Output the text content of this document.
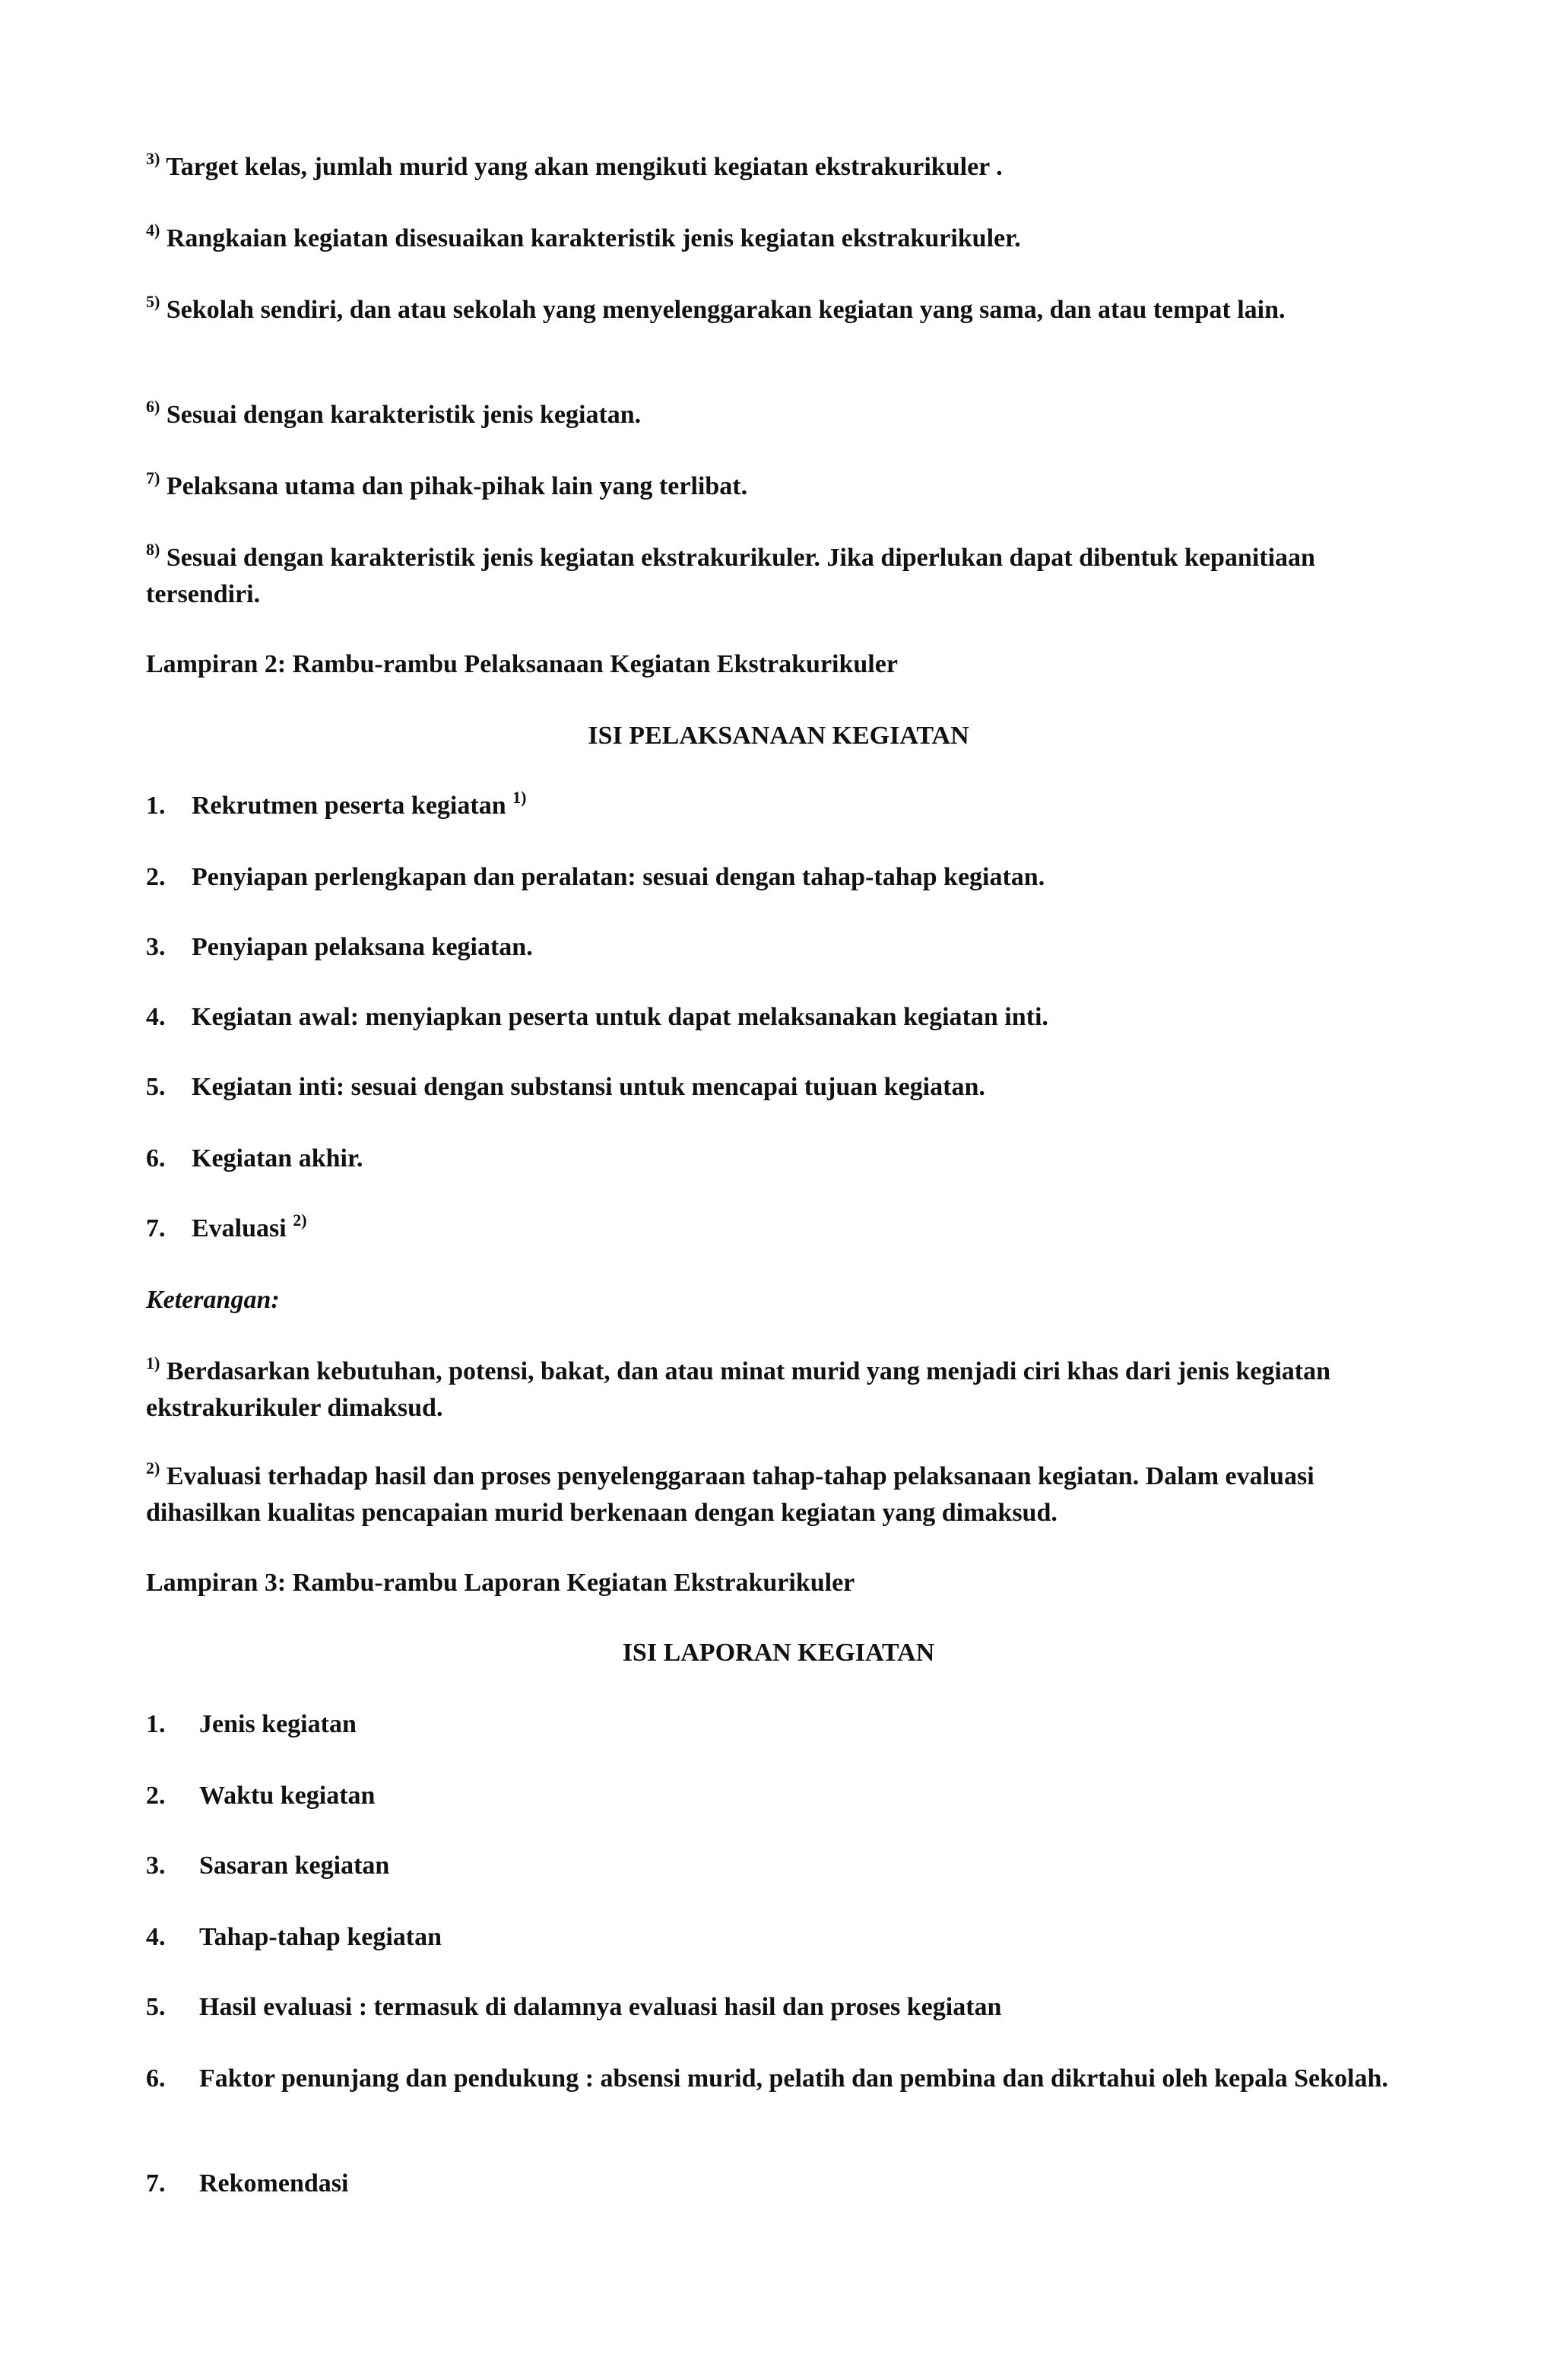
$^{3)}$ Target kelas, jumlah murid yang akan mengikuti kegiatan ekstrakurikuler .
$^{4)}$ Rangkaian kegiatan disesuaikan karakteristik jenis kegiatan ekstrakurikuler.
$^{5)}$ Sekolah sendiri, dan atau sekolah yang menyelenggarakan kegiatan yang sama, dan atau tempat lain.
$^{6)}$ Sesuai dengan karakteristik jenis kegiatan.
$^{7)}$ Pelaksana utama dan pihak-pihak lain yang terlibat.
$^{8)}$ Sesuai dengan karakteristik jenis kegiatan ekstrakurikuler. Jika diperlukan dapat dibentuk kepanitiaan tersendiri.
Lampiran 2: Rambu-rambu Pelaksanaan Kegiatan Ekstrakurikuler
ISI PELAKSANAAN KEGIATAN
1. Rekrutmen peserta kegiatan $^{1)}$
2. Penyiapan perlengkapan dan peralatan: sesuai dengan tahap-tahap kegiatan.
3. Penyiapan pelaksana kegiatan.
4. Kegiatan awal: menyiapkan peserta untuk dapat melaksanakan kegiatan inti.
5. Kegiatan inti: sesuai dengan substansi untuk mencapai tujuan kegiatan.
6. Kegiatan akhir.
7. Evaluasi $^{2)}$
Keterangan:
$^{1)}$ Berdasarkan kebutuhan, potensi, bakat, dan atau minat murid yang menjadi ciri khas dari jenis kegiatan ekstrakurikuler dimaksud.
$^{2)}$ Evaluasi terhadap hasil dan proses penyelenggaraan tahap-tahap pelaksanaan kegiatan. Dalam evaluasi dihasilkan kualitas pencapaian murid berkenaan dengan kegiatan yang dimaksud.
Lampiran 3: Rambu-rambu Laporan Kegiatan Ekstrakurikuler
ISI LAPORAN KEGIATAN
1. Jenis kegiatan
2. Waktu kegiatan
3. Sasaran kegiatan
4. Tahap-tahap kegiatan
5. Hasil evaluasi : termasuk di dalamnya evaluasi hasil dan proses kegiatan
6. Faktor penunjang dan pendukung : absensi murid, pelatih dan pembina dan dikrtahui oleh kepala Sekolah.
7. Rekomendasi
